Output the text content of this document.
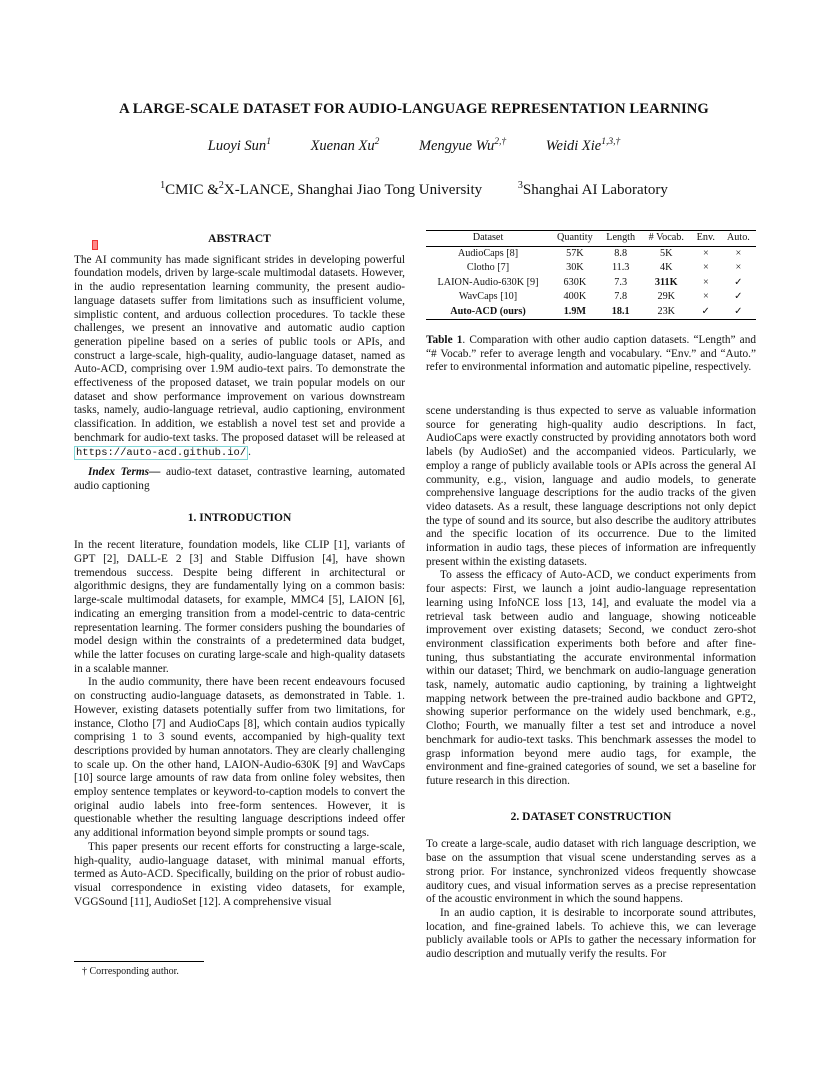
A LARGE-SCALE DATASET FOR AUDIO-LANGUAGE REPRESENTATION LEARNING
Luoyi Sun$^1$	Xuenan Xu$^2$	Mengyue $Wu^{2,\dagger}$	Weidi Xie$^{1,3,\dagger}$
$^1$CMIC &$^2$X-LANCE, Shanghai Jiao Tong University	$^3$Shanghai AI Laboratory
ABSTRACT

The AI community has made significant strides in developing powerful foundation models, driven by large-scale multimodal datasets. However, in the audio representation learning community, the present audio-language datasets suffer from limitations such as insufficient volume, simplistic content, and arduous collection procedures. To tackle these challenges, we present an innovative and automatic audio caption generation pipeline based on a series of public tools or APIs, and construct a large-scale, high-quality, audio-language dataset, named as Auto-ACD, comprising over 1.9M audio-text pairs. To demonstrate the effectiveness of the proposed dataset, we train popular models on our dataset and show performance improvement on various downstream tasks, namely, audio-language retrieval, audio captioning, environment classification. In addition, we establish a novel test set and provide a benchmark for audio-text tasks. The proposed dataset will be released at https://auto-acd.github.io/ .

Index Terms— audio-text dataset, contrastive learning, automated audio captioning

1. INTRODUCTION

In the recent literature, foundation models, like CLIP [1], variants of GPT [2], DALL-E 2 [3] and Stable Diffusion [4], have shown tremendous success. Despite being different in architectural or algorithmic designs, they are fundamentally lying on a common basis: large-scale multimodal datasets, for example, MMC4 [5], LAION [6], indicating an emerging transition from a model-centric to data-centric representation learning. The former considers pushing the boundaries of model design within the constraints of a predetermined data budget, while the latter focuses on curating large-scale and high-quality datasets in a scalable manner.

In the audio community, there have been recent endeavours focused on constructing audio-language datasets, as demonstrated in Table. 1. However, existing datasets potentially suffer from two limitations, for instance, Clotho [7] and AudioCaps [8], which contain audios typically comprising 1 to 3 sound events, accompanied by high-quality text descriptions provided by human annotators. They are clearly challenging to scale up. On the other hand, LAION-Audio-630K [9] and WavCaps [10] source large amounts of raw data from online foley websites, then employ sentence templates or keyword-to-caption models to convert the original audio labels into free-form sentences. However, it is questionable whether the resulting language descriptions indeed offer any additional information beyond simple prompts or sound tags.

This paper presents our recent efforts for constructing a large-scale, high-quality, audio-language dataset, with minimal manual efforts, termed as Auto-ACD. Specifically, building on the prior of robust audio-visual correspondence in existing video datasets, for example, VGGSound [11], AudioSet [12]. A comprehensive visual

† Corresponding author.
Dataset	Quantity	Length	# Vocab.	Env.	Auto.
AudioCaps [8]	57K	8.8	5K	×	×
Clotho [7]	30K	11.3	4K	×	×
LAION-Audio-630K [9]	630K	7.3	311K	×	✓
WavCaps [10]	400K	7.8	29K	×	✓
Auto-ACD (ours)	1.9M	18.1	23K	✓	✓

Table 1. Comparation with other audio caption datasets. “Length” and “# Vocab.” refer to average length and vocabulary. “Env.” and “Auto.” refer to environmental information and automatic pipeline, respectively.

scene understanding is thus expected to serve as valuable information source for generating high-quality audio descriptions. In fact, AudioCaps were exactly constructed by providing annotators both word labels (by AudioSet) and the accompanied videos. Particularly, we employ a range of publicly available tools or APIs across the general AI community, e.g., vision, language and audio models, to generate comprehensive language descriptions for the audio tracks of the given video datasets. As a result, these language descriptions not only depict the type of sound and its source, but also describe the auditory attributes and the specific location of its occurrence. Due to the limited information in audio tags, these pieces of information are infrequently present within the existing datasets.

To assess the efficacy of Auto-ACD, we conduct experiments from four aspects: First, we launch a joint audio-language representation learning using InfoNCE loss [13, 14], and evaluate the model via a retrieval task between audio and language, showing noticeable improvement over existing datasets; Second, we conduct zero-shot environment classification experiments both before and after fine-tuning, thus substantiating the accurate environmental information within our dataset; Third, we benchmark on audio-language generation task, namely, automatic audio captioning, by training a lightweight mapping network between the pre-trained audio backbone and GPT2, showing superior performance on the widely used benchmark, e.g., Clotho; Fourth, we manually filter a test set and introduce a novel benchmark for audio-text tasks. This benchmark assesses the model to grasp information beyond mere audio tags, for example, the environment and fine-grained categories of sound, we set a baseline for future research in this direction.

2. DATASET CONSTRUCTION

To create a large-scale, audio dataset with rich language description, we base on the assumption that visual scene understanding serves as a strong prior. For instance, synchronized videos frequently showcase auditory cues, and visual information serves as a precise representation of the acoustic environment in which the sound happens.

In an audio caption, it is desirable to incorporate sound attributes, location, and fine-grained labels. To achieve this, we can leverage publicly available tools or APIs to gather the necessary information for audio description and mutually verify the results. For
